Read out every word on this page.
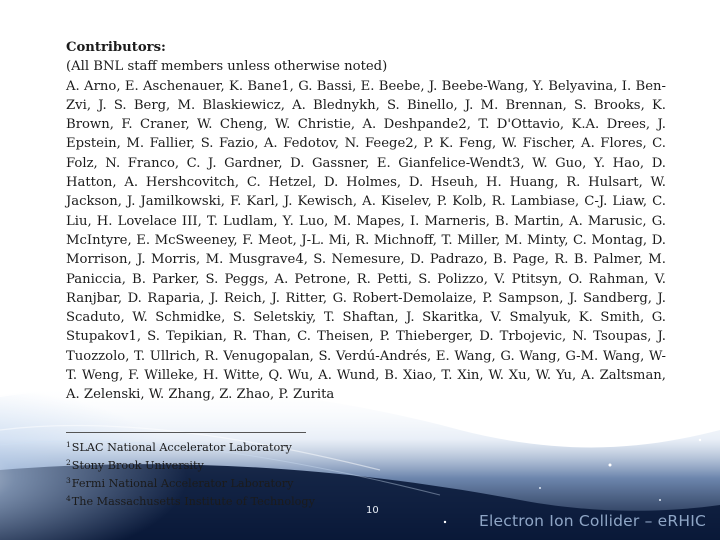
Contributors:

(All BNL staff members unless otherwise noted)

A. Arno, E. Aschenauer, K. Bane1, G. Bassi, E. Beebe, J. Beebe-Wang, Y. Belyavina, I. Ben-Zvi, J. S. Berg, M. Blaskiewicz, A. Blednykh, S. Binello, J. M. Brennan, S. Brooks, K. Brown, F. Craner, W. Cheng, W. Christie, A. Deshpande2, T. D'Ottavio, K.A. Drees, J. Epstein, M. Fallier, S. Fazio, A. Fedotov, N. Feege2, P. K. Feng, W. Fischer, A. Flores, C. Folz, N. Franco, C. J. Gardner, D. Gassner, E. Gianfelice-Wendt3, W. Guo, Y. Hao, D. Hatton, A. Hershcovitch, C. Hetzel, D. Holmes, D. Hseuh, H. Huang, R. Hulsart, W. Jackson, J. Jamilkowski, F. Karl, J. Kewisch, A. Kiselev, P. Kolb, R. Lambiase, C-J. Liaw, C. Liu, H. Lovelace III, T. Ludlam, Y. Luo, M. Mapes, I. Marneris, B. Martin, A. Marusic, G. McIntyre, E. McSweeney, F. Meot, J-L. Mi, R. Michnoff, T. Miller, M. Minty, C. Montag, D. Morrison, J. Morris, M. Musgrave4, S. Nemesure, D. Padrazo, B. Page, R. B. Palmer, M. Paniccia, B. Parker, S. Peggs, A. Petrone, R. Petti, S. Polizzo, V. Ptitsyn, O. Rahman, V. Ranjbar, D. Raparia, J. Reich, J. Ritter, G. Robert-Demolaize, P. Sampson, J. Sandberg, J. Scaduto, W. Schmidke, S. Seletskiy, T. Shaftan, J. Skaritka, V. Smalyuk, K. Smith, G. Stupakov1, S. Tepikian, R. Than, C. Theisen, P. Thieberger, D. Trbojevic, N. Tsoupas, J. Tuozzolo, T. Ullrich, R. Venugopalan, S. Verdú-Andrés, E. Wang, G. Wang, G-M. Wang, W-T. Weng, F. Willeke, H. Witte, Q. Wu, A. Wund, B. Xiao, T. Xin, W. Xu, W. Yu, A. Zaltsman, A. Zelenski, W. Zhang, Z. Zhao, P. Zurita

$^1$SLAC National Accelerator Laboratory
$^2$Stony Brook University
$^3$Fermi National Accelerator Laboratory
$^4$The Massachusetts Institute of Technology
10
Electron Ion Collider – eRHIC
